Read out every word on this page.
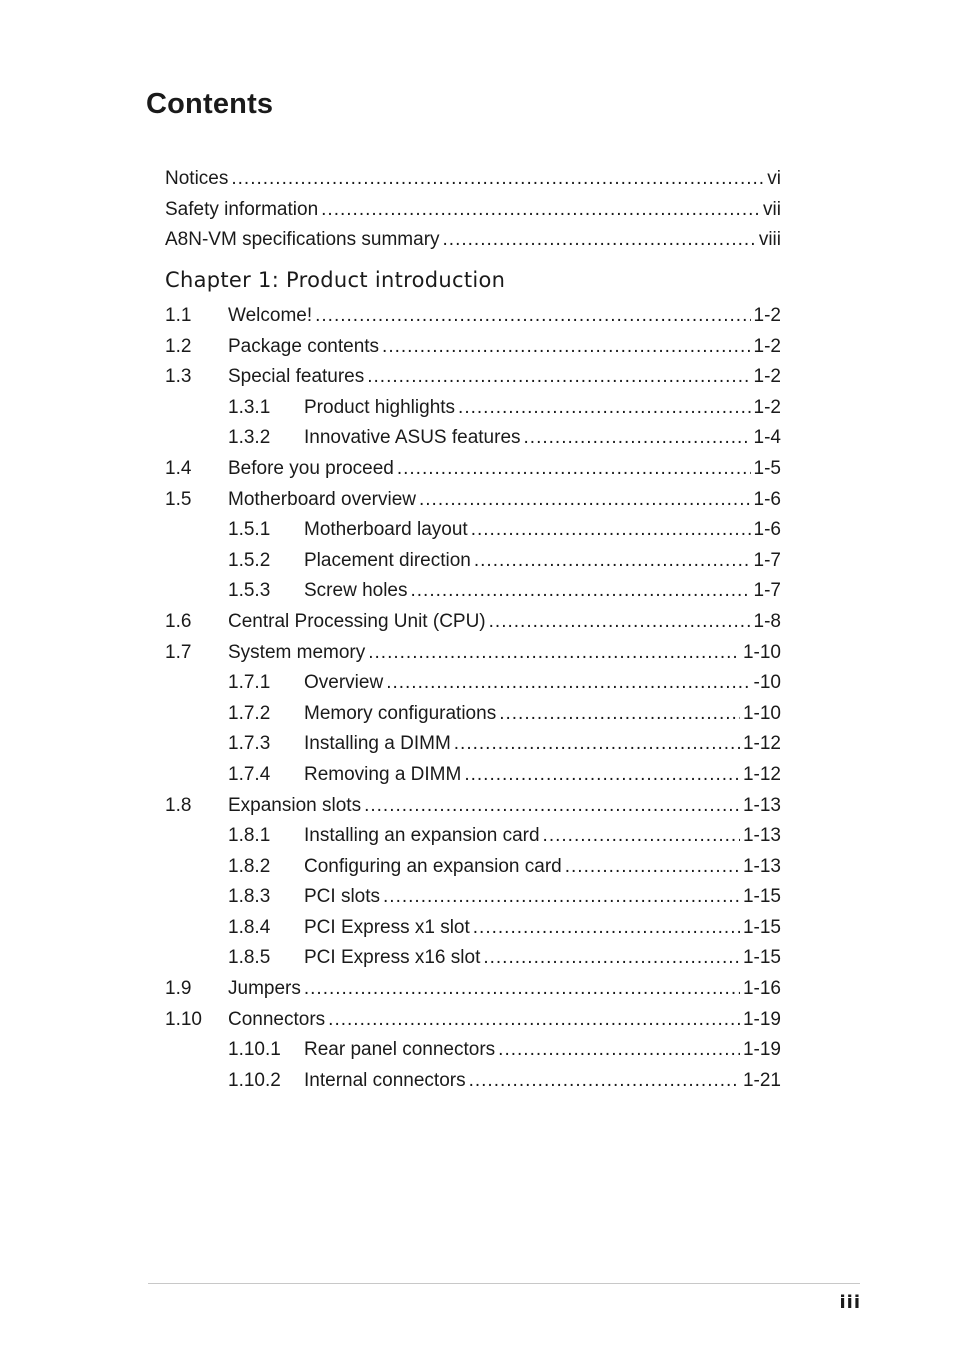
Contents
Notices .....	vi
Safety information .....	vii
A8N-VM specifications summary .....	viii
Chapter 1: Product introduction
1.1	Welcome! .....	1-2
1.2	Package contents .....	1-2
1.3	Special features .....	1-2
1.3.1	Product highlights .....	1-2
1.3.2	Innovative ASUS features .....	1-4
1.4	Before you proceed .....	1-5
1.5	Motherboard overview .....	1-6
1.5.1	Motherboard layout .....	1-6
1.5.2	Placement direction .....	1-7
1.5.3	Screw holes .....	1-7
1.6	Central Processing Unit (CPU) .....	1-8
1.7	System memory .....	1-10
1.7.1	Overview .....	-10
1.7.2	Memory configurations .....	1-10
1.7.3	Installing a DIMM .....	1-12
1.7.4	Removing a DIMM .....	1-12
1.8	Expansion slots .....	1-13
1.8.1	Installing an expansion card .....	1-13
1.8.2	Configuring an expansion card .....	1-13
1.8.3	PCI slots .....	1-15
1.8.4	PCI Express x1 slot .....	1-15
1.8.5	PCI Express x16 slot .....	1-15
1.9	Jumpers .....	1-16
1.10	Connectors .....	1-19
1.10.1	Rear panel connectors .....	1-19
1.10.2	Internal connectors .....	1-21
iii
